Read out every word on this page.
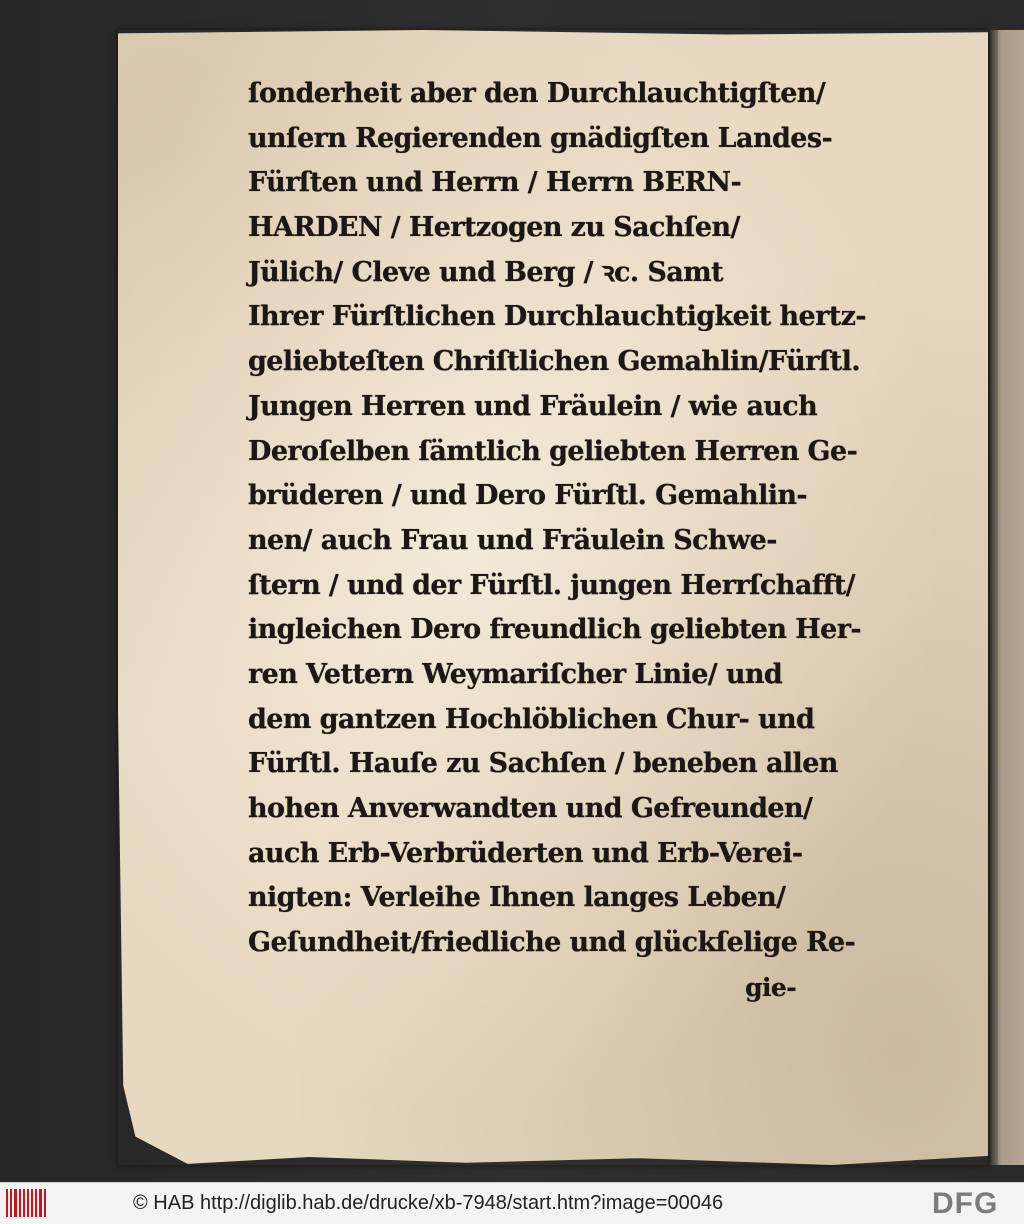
ſonderheit aber den Durchlauchtigſten/
unſern Regierenden gnädigſten Landes-
Fürſten und Herrn / Herrn BERN-
HARDEN / Hertzogen zu Sachſen/
Jülich/ Cleve und Berg / ꝛc. Samt
Ihrer Fürſtlichen Durchlauchtigkeit hertz-
geliebteſten Chriſtlichen Gemahlin/Fürſtl.
Jungen Herren und Fräulein / wie auch
Deroſelben ſämtlich geliebten Herren Ge-
brüderen / und Dero Fürſtl. Gemahlin-
nen/ auch Frau und Fräulein Schwe-
ſtern / und der Fürſtl. jungen Herrſchafft/
ingleichen Dero freundlich geliebten Her-
ren Vettern Weymariſcher Linie/ und
dem gantzen Hochlöblichen Chur- und
Fürſtl. Hauſe zu Sachſen / beneben allen
hohen Anverwandten und Gefreunden/
auch Erb-Verbrüderten und Erb-Verei-
nigten: Verleihe Ihnen langes Leben/
Geſundheit/friedliche und glückſelige Re-
gie-
© HAB http://diglib.hab.de/drucke/xb-7948/start.htm?image=00046	DFG
